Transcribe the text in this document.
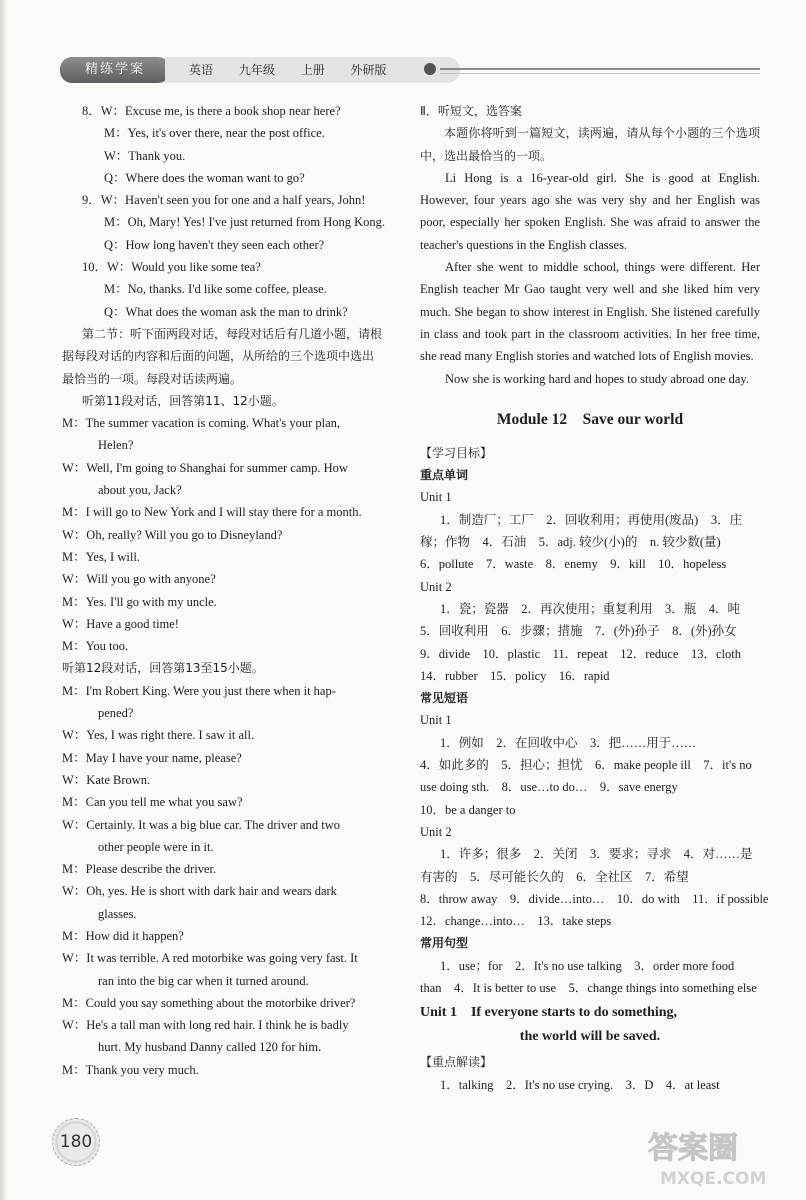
精练学案	英语 九年级 上册 外研版
8．W：Excuse me, is there a book shop near here?
M：Yes, it's over there, near the post office.
W：Thank you.
Q：Where does the woman want to go?
9．W：Haven't seen you for one and a half years, John!
M：Oh, Mary! Yes! I've just returned from Hong Kong.
Q：How long haven't they seen each other?
10．W：Would you like some tea?
M：No, thanks. I'd like some coffee, please.
Q：What does the woman ask the man to drink?
第二节：听下面两段对话，每段对话后有几道小题，请根
据每段对话的内容和后面的问题，从所给的三个选项中选出
最恰当的一项。每段对话读两遍。
听第11段对话，回答第11、12小题。
M：The summer vacation is coming. What's your plan,
Helen?
W：Well, I'm going to Shanghai for summer camp. How
about you, Jack?
M：I will go to New York and I will stay there for a month.
W：Oh, really? Will you go to Disneyland?
M：Yes, I will.
W：Will you go with anyone?
M：Yes. I'll go with my uncle.
W：Have a good time!
M：You too.
听第12段对话，回答第13至15小题。
M：I'm Robert King. Were you just there when it hap-
pened?
W：Yes, I was right there. I saw it all.
M：May I have your name, please?
W：Kate Brown.
M：Can you tell me what you saw?
W：Certainly. It was a big blue car. The driver and two
other people were in it.
M：Please describe the driver.
W：Oh, yes. He is short with dark hair and wears dark
glasses.
M：How did it happen?
W：It was terrible. A red motorbike was going very fast. It
ran into the big car when it turned around.
M：Could you say something about the motorbike driver?
W：He's a tall man with long red hair. I think he is badly
hurt. My husband Danny called 120 for him.
M：Thank you very much.
Ⅱ．听短文，选答案

本题你将听到一篇短文，读两遍，请从每个小题的三个选项中，选出最恰当的一项。

Li Hong is a 16-year-old girl. She is good at English. However, four years ago she was very shy and her English was poor, especially her spoken English. She was afraid to answer the teacher's questions in the English classes.

After she went to middle school, things were different. Her English teacher Mr Gao taught very well and she liked him very much. She began to show interest in English. She listened carefully in class and took part in the classroom activities. In her free time, she read many English stories and watched lots of English movies.

Now she is working hard and hopes to study abroad one day.

Module 12　Save our world
【学习目标】
重点单词
Unit 1
1．制造厂；工厂　2．回收利用；再使用(废品)　3．庄
稼；作物　4．石油　5．adj. 较少(小)的　n. 较少数(量)
6．pollute　7．waste　8．enemy　9．kill　10．hopeless
Unit 2
1．瓷；瓷器　2．再次使用；重复利用　3．瓶　4．吨
5．回收利用　6．步骤；措施　7．(外)孙子　8．(外)孙女
9．divide　10．plastic　11．repeat　12．reduce　13．cloth
14．rubber　15．policy　16．rapid
常见短语
Unit 1
1．例如　2．在回收中心　3．把……用于……
4．如此多的　5．担心；担忧　6．make people ill　7．it's no
use doing sth.　8．use…to do…　9．save energy
10．be a danger to
Unit 2
1．许多；很多　2．关闭　3．要求；寻求　4．对……是
有害的　5．尽可能长久的　6．全社区　7．希望
8．throw away　9．divide…into…　10．do with　11．if possible
12．change…into…　13．take steps
常用句型
1．use；for　2．It's no use talking　3．order more food
than　4．It is better to use　5．change things into something else
Unit 1　If everyone starts to do something,
the world will be saved.
【重点解读】
1．talking　2．It's no use crying.　3．D　4．at least
180	答案圈
MXQE.COM
